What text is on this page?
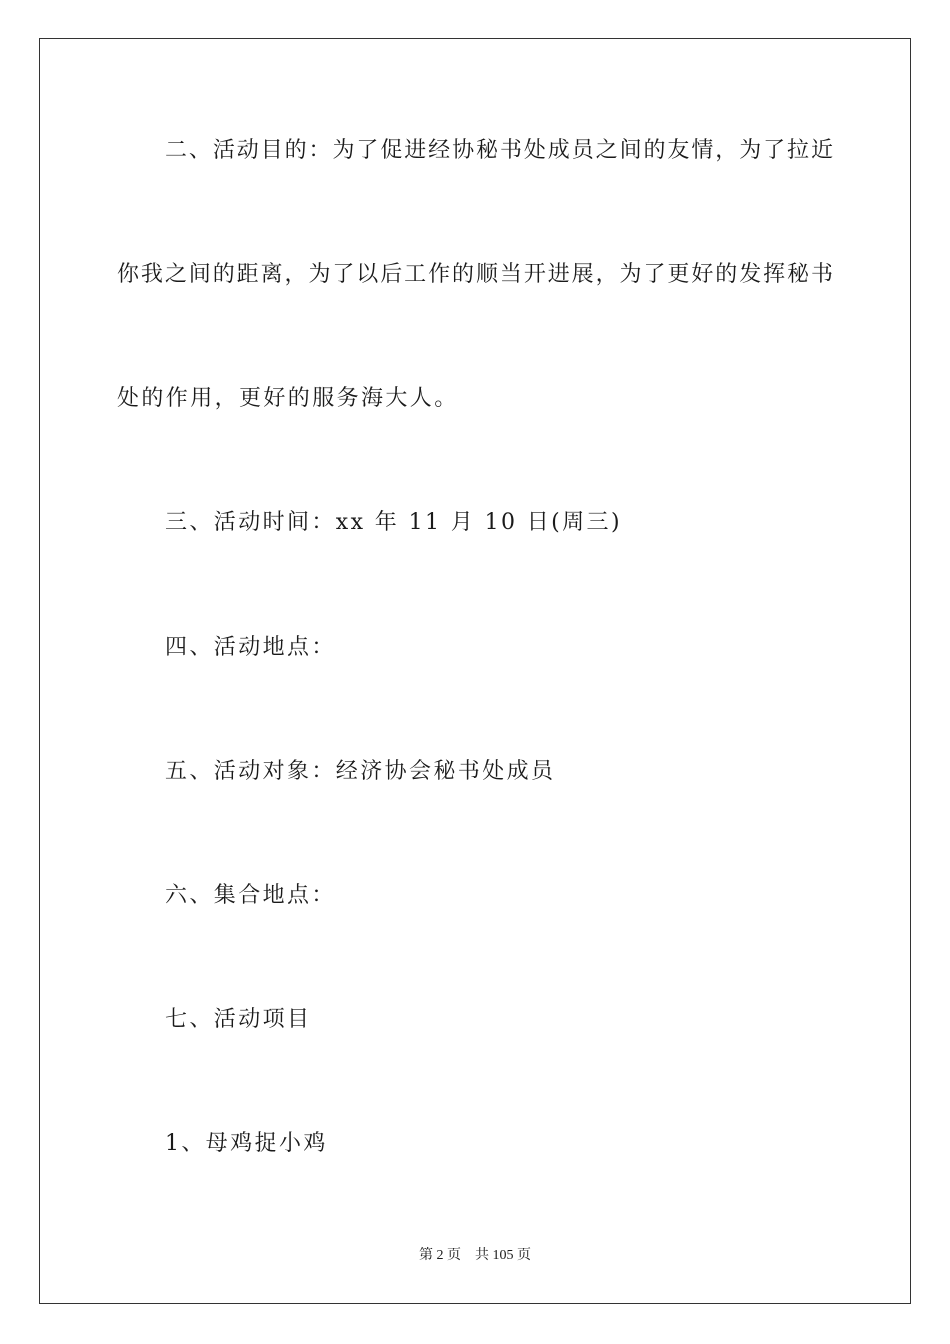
二、活动目的：为了促进经协秘书处成员之间的友情，为了拉近

你我之间的距离，为了以后工作的顺当开进展，为了更好的发挥秘书

处的作用，更好的服务海大人。

三、活动时间：xx 年 11 月 10 日(周三)

四、活动地点：

五、活动对象：经济协会秘书处成员

六、集合地点：

七、活动项目

1、母鸡捉小鸡

第 2 页 共 105 页
